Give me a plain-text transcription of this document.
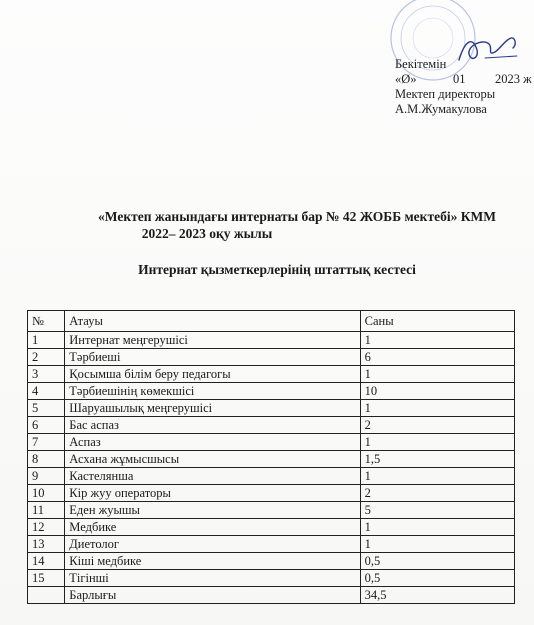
Бекітемін
«Ø»	01 2023 ж
Мектеп директоры
А.М.Жумакулова
«Мектеп жанындағы интернаты бар № 42 ЖОББ мектебі» КММ
2022– 2023 оқу жылы
Интернат қызметкерлерінің штаттық кестесі
№	Атауы	Саны
1	Интернат меңгерушісі	1
2	Тәрбиеші	6
3	Қосымша білім беру педагогы	1
4	Тәрбиешінің көмекшісі	10
5	Шаруашылық меңгерушісі	1
6	Бас аспаз	2
7	Аспаз	1
8	Асхана жұмысшысы	1,5
9	Кастелянша	1
10	Кір жуу операторы	2
11	Еден жуышы	5
12	Медбике	1
13	Диетолог	1
14	Кіші медбике	0,5
15	Тігінші	0,5
	Барлығы	34,5
